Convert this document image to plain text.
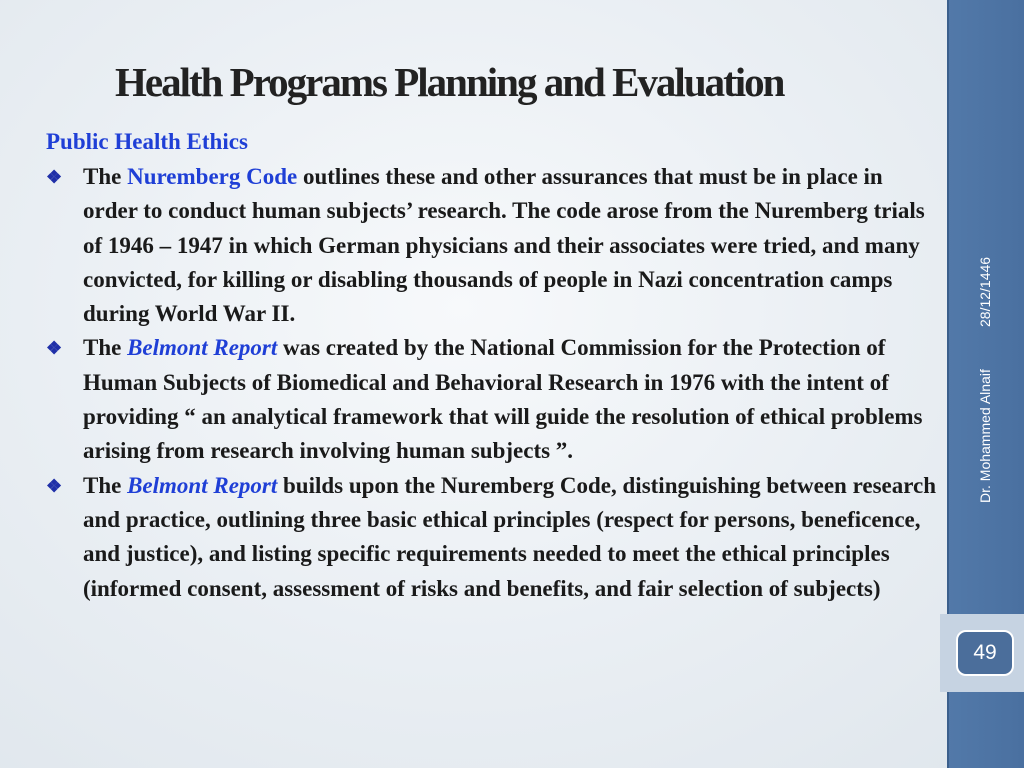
Health Programs Planning and Evaluation
Public Health Ethics
❖ The Nuremberg Code outlines these and other assurances that must be in place in order to conduct human subjects’ research. The code arose from the Nuremberg trials of 1946 – 1947 in which German physicians and their associates were tried, and many convicted, for killing or disabling thousands of people in Nazi concentration camps during World War II.
❖ The Belmont Report was created by the National Commission for the Protection of Human Subjects of Biomedical and Behavioral Research in 1976 with the intent of providing “ an analytical framework that will guide the resolution of ethical problems arising from research involving human subjects ”.
❖ The Belmont Report builds upon the Nuremberg Code, distinguishing between research and practice, outlining three basic ethical principles (respect for persons, beneficence, and justice), and listing specific requirements needed to meet the ethical principles (informed consent, assessment of risks and benefits, and fair selection of subjects)
28/12/1446
Dr. Mohammed Alnaif
49
